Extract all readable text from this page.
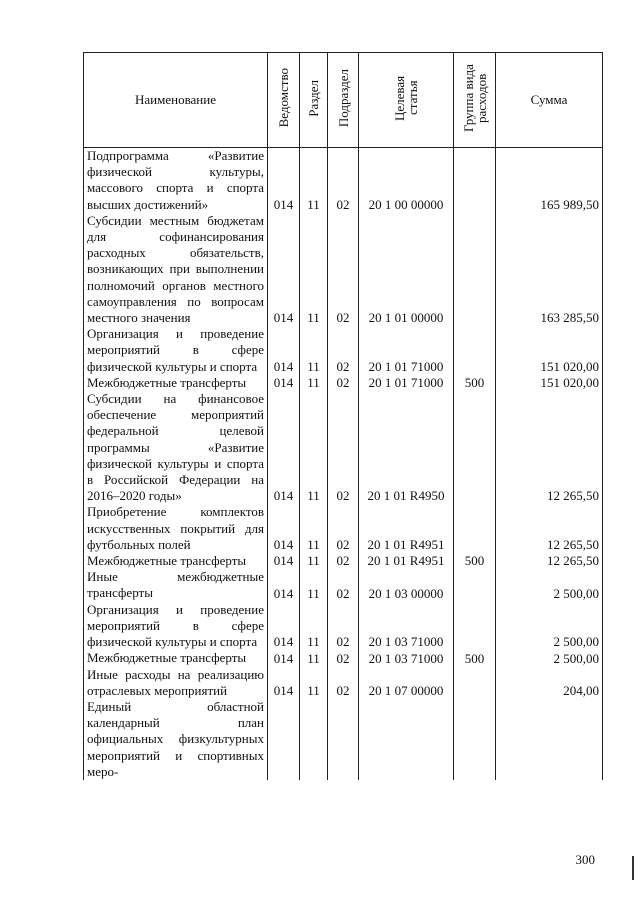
Наименование	Ведомство	Раздел	Подраздел	Целевая статья	Группа вида расходов	Сумма
Подпрограмма «Развитие физической культуры, массового спорта и спорта высших достижений»	014	11	02	20 1 00 00000		165 989,50
Субсидии местным бюджетам для софинансирования расходных обязательств, возникающих при выполнении полномочий органов местного самоуправления по вопросам местного значения	014	11	02	20 1 01 00000		163 285,50
Организация и проведение мероприятий в сфере физической культуры и спорта	014	11	02	20 1 01 71000		151 020,00
Межбюджетные трансферты	014	11	02	20 1 01 71000	500	151 020,00
Субсидии на финансовое обеспечение мероприятий федеральной целевой программы «Развитие физической культуры и спорта в Российской Федерации на 2016–2020 годы»	014	11	02	20 1 01 R4950		12 265,50
Приобретение комплектов искусственных покрытий для футбольных полей	014	11	02	20 1 01 R4951		12 265,50
Межбюджетные трансферты	014	11	02	20 1 01 R4951	500	12 265,50
Иные межбюджетные трансферты	014	11	02	20 1 03 00000		2 500,00
Организация и проведение мероприятий в сфере физической культуры и спорта	014	11	02	20 1 03 71000		2 500,00
Межбюджетные трансферты	014	11	02	20 1 03 71000	500	2 500,00
Иные расходы на реализацию отраслевых мероприятий	014	11	02	20 1 07 00000		204,00
Единый областной календарный план официальных физкультурных мероприятий и спортивных меро-						
300
